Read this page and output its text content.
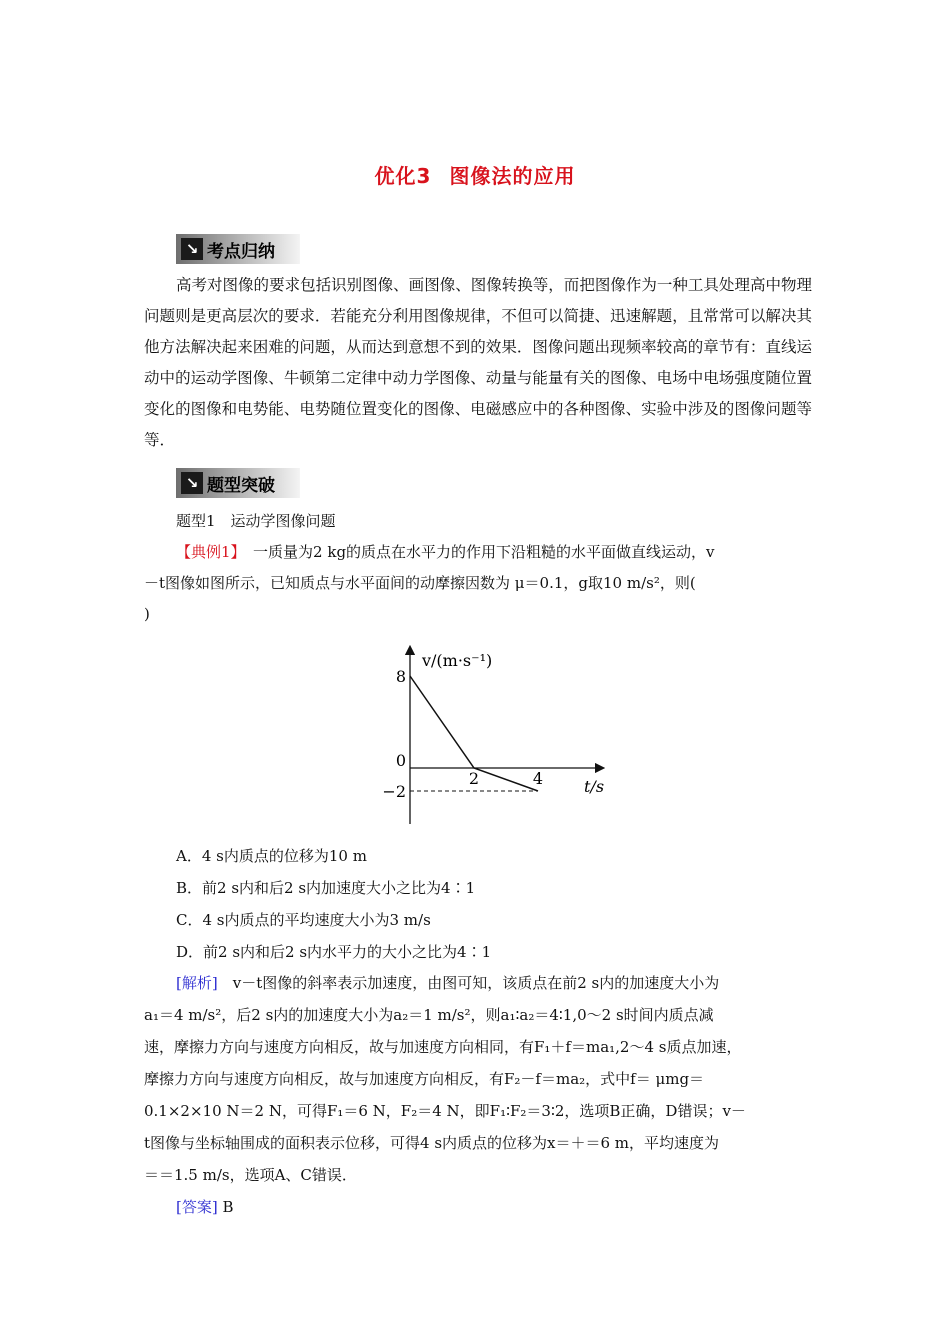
优化3 图像法的应用
↘ 考点归纳
高考对图像的要求包括识别图像、画图像、图像转换等，而把图像作为一种工具处理高中物理问题则是更高层次的要求．若能充分利用图像规律，不但可以简捷、迅速解题，且常常可以解决其他方法解决起来困难的问题，从而达到意想不到的效果．图像问题出现频率较高的章节有：直线运动中的运动学图像、牛顿第二定律中动力学图像、动量与能量有关的图像、电场中电场强度随位置变化的图像和电势能、电势随位置变化的图像、电磁感应中的各种图像、实验中涉及的图像问题等等．
↘ 题型突破
题型1　运动学图像问题
【典例1】　一质量为2 kg的质点在水平力的作用下沿粗糙的水平面做直线运动，v
－t图像如图所示，已知质点与水平面间的动摩擦因数为 μ＝0.1，g取10 m/s²，则(
)
v/(m·s⁻¹)
t/s
8
0
−2
2	4
A．4 s内质点的位移为10 m
B．前2 s内和后2 s内加速度大小之比为4∶1
C．4 s内质点的平均速度大小为3 m/s
D．前2 s内和后2 s内水平力的大小之比为4∶1
[解析]　v－t图像的斜率表示加速度，由图可知，该质点在前2 s内的加速度大小为
a₁＝4 m/s²，后2 s内的加速度大小为a₂＝1 m/s²，则a₁∶a₂＝4∶1,0～2 s时间内质点减
速，摩擦力方向与速度方向相反，故与加速度方向相同，有F₁＋f＝ma₁,2～4 s质点加速，
摩擦力方向与速度方向相反，故与加速度方向相反，有F₂－f＝ma₂，式中f＝ μmg＝
0.1×2×10 N＝2 N，可得F₁＝6 N，F₂＝4 N，即F₁∶F₂＝3∶2，选项B正确，D错误；v－
t图像与坐标轴围成的面积表示位移，可得4 s内质点的位移为x＝＋＝6 m，平均速度为
＝＝1.5 m/s，选项A、C错误．
[答案] B
